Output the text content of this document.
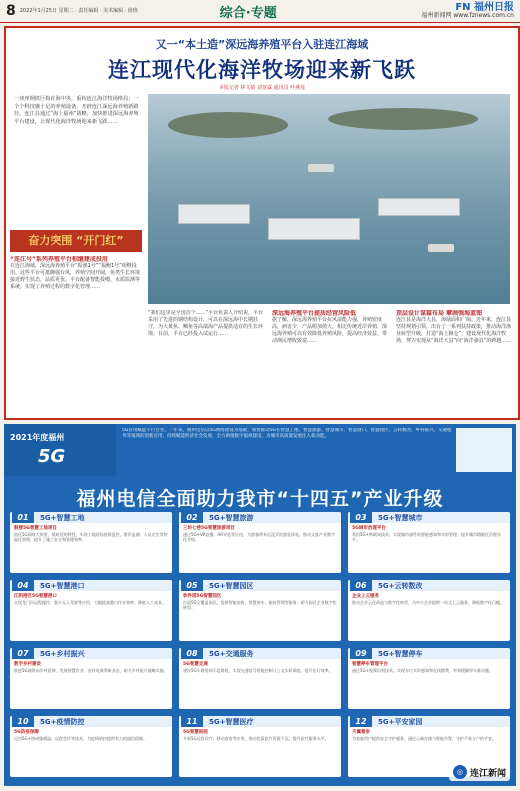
8 2022年1月25日 星期二 · 责任编辑 · 美术编辑 · 值班	综合·专题	FN 福州日报
福州新闻网 www.fznews.com.cn
又一“本土造”深远海养殖平台入驻连江海域
连江现代化海洋牧场迎来新飞跃
本报记者 林文婧 刘宽霖 通讯员 叶燕莲
一座座钢铁巨构在海中央，重构连江海洋牧场格局；一个个科技感十足的养殖设备，开辟连江深远海养殖新路径。连江县通过“海上福州”战略，加快推进深远海养殖平台建设，让现代化海洋牧场迎来新飞跃……
奋力突围 “开门红”
“连江号”系列养殖平台相继建成投用
在连江海域，深远海养殖平台“振渔1号”“福鲍1号”相继投用。这些平台可抵御强台风，养殖空间开阔，鱼类生长环境接近野生状态，品质更优。平台配备智能投喂、水质监测等系统，实现了养殖过程的数字化管理……
“我们这里是全国首个……”平台负责人介绍说，平台采用了先进的钢结构设计，可以在深远海中长期驻守，为大黄鱼、鲷鱼等高端海产品提供适宜的生长环境。目前，平台已经投入试运行……
深远海养殖平台提质经营风险低
据了解，深远海养殖平台抗风浪能力强，养殖密度高，病害少，产品附加值大。相比传统近岸养殖，深远海养殖可以有效降低养殖风险，提高经济效益，带动渔民增收致富……
顶层设计谋篇布局 擘画强海蓝图
连江县是海洋大县，海域面积广阔。近年来，连江县坚持规划引领，出台了一系列扶持政策，推动海洋渔业转型升级，打造“海上粮仓”，建设现代化海洋牧场，努力实现从“海洋大县”向“海洋强县”的跨越……
2021年度福州
5G
5G应用赋能千行百业。一年来，福州电信以5G网络建设为基础，加快推动5G在智慧工地、智慧旅游、智慧城市、智慧港口、智慧园区、云转数改、乡村振兴、交通服务等领域的创新应用，持续赋能经济社会发展，全力助推数字福州建设，为城市高质量发展注入新动能。
福州电信全面助力我市“十四五”产业升级
01	5G+智慧工地
鼓楼5G智慧工地项目
依托5G网络大带宽、低时延的特性，实现工地现场视频监控、塔吊监测、人员定位等智能化管理，提升了施工安全和管理效率。
02	5G+智慧旅游
三坊七巷5G智慧旅游项目
通过5G+VR直播、AR导览等应用，为游客带来沉浸式的游览体验，推动文旅产业数字化升级。
03	5G+智慧城市
5G城市治理平台
利用5G+物联网技术，实现城市部件的智能感知和实时管理，提升城市精细化治理水平。
04	5G+智慧港口
江阴港区5G智慧港口
实现龙门吊远程操控、集卡无人驾驶等应用，大幅提高港口作业效率，降低人工成本。
05	5G+智慧园区
软件园5G智慧园区
打造5G全覆盖园区，提供智能安防、智慧停车、能耗管理等服务，助力园区企业数字化转型。
06	5G+云转数改
企业上云服务
推动企业云化改造与数字化转型，为中小企业提供一站式上云服务，降低数字化门槛。
07	5G+乡村振兴
数字乡村建设
推进5G网络向乡村延伸，发展智慧农业、农村电商等新业态，助力乡村振兴战略实施。
08	5G+交通服务
5G智慧交通
建设5G车路协同示范路段，实现交通信号智能控制与公交实时调度，提升出行效率。
09	5G+智慧停车
智慧停车管理平台
通过5G+视频识别技术，实现车位实时感知和在线缴费，有效缓解停车难问题。
10	5G+疫情防控
5G防疫保障
运用5G+热成像测温、远程会诊等技术，为疫情防控提供有力的通信保障。
11	5G+智慧医疗
5G智慧医院
开展5G远程诊疗、移动查房等应用，推动优质医疗资源下沉，提升医疗服务水平。
12	5G+平安家园
天翼看家
为家庭用户提供安全守护服务，通过云端存储与智能告警，守护千家万户的平安。
◎ 连江新闻
